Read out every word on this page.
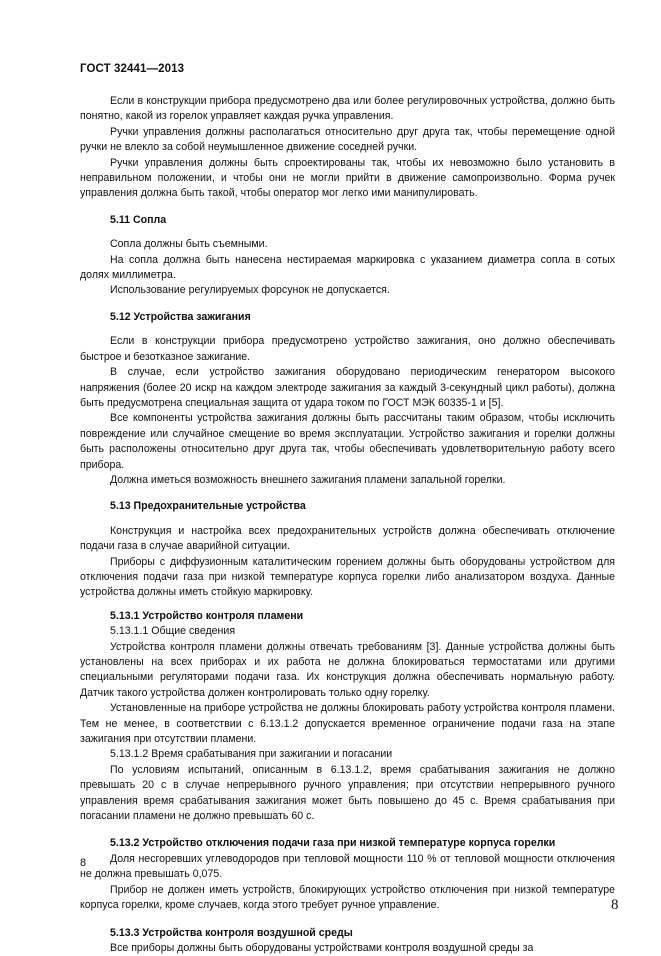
ГОСТ 32441—2013

Если в конструкции прибора предусмотрено два или более регулировочных устройства, должно быть понятно, какой из горелок управляет каждая ручка управления.

Ручки управления должны располагаться относительно друг друга так, чтобы перемещение одной ручки не влекло за собой неумышленное движение соседней ручки.

Ручки управления должны быть спроектированы так, чтобы их невозможно было установить в неправильном положении, и чтобы они не могли прийти в движение самопроизвольно. Форма ручек управления должна быть такой, чтобы оператор мог легко ими манипулировать.

5.11 Сопла

Сопла должны быть съемными.

На сопла должна быть нанесена нестираемая маркировка с указанием диаметра сопла в сотых долях миллиметра.

Использование регулируемых форсунок не допускается.

5.12 Устройства зажигания

Если в конструкции прибора предусмотрено устройство зажигания, оно должно обеспечивать быстрое и безотказное зажигание.

В случае, если устройство зажигания оборудовано периодическим генератором высокого напряжения (более 20 искр на каждом электроде зажигания за каждый 3-секундный цикл работы), должна быть предусмотрена специальная защита от удара током по ГОСТ МЭК 60335-1 и [5].

Все компоненты устройства зажигания должны быть рассчитаны таким образом, чтобы исключить повреждение или случайное смещение во время эксплуатации. Устройство зажигания и горелки должны быть расположены относительно друг друга так, чтобы обеспечивать удовлетворительную работу всего прибора.

Должна иметься возможность внешнего зажигания пламени запальной горелки.

5.13 Предохранительные устройства

Конструкция и настройка всех предохранительных устройств должна обеспечивать отключение подачи газа в случае аварийной ситуации.

Приборы с диффузионным каталитическим горением должны быть оборудованы устройством для отключения подачи газа при низкой температуре корпуса горелки либо анализатором воздуха. Данные устройства должны иметь стойкую маркировку.

5.13.1 Устройство контроля пламени

5.13.1.1 Общие сведения

Устройства контроля пламени должны отвечать требованиям [3]. Данные устройства должны быть установлены на всех приборах и их работа не должна блокироваться термостатами или другими специальными регуляторами подачи газа. Их конструкция должна обеспечивать нормальную работу. Датчик такого устройства должен контролировать только одну горелку.

Установленные на приборе устройства не должны блокировать работу устройства контроля пламени. Тем не менее, в соответствии с 6.13.1.2 допускается временное ограничение подачи газа на этапе зажигания при отсутствии пламени.

5.13.1.2 Время срабатывания при зажигании и погасании

По условиям испытаний, описанным в 6.13.1.2, время срабатывания зажигания не должно превышать 20 с в случае непрерывного ручного управления; при отсутствии непрерывного ручного управления время срабатывания зажигания может быть повышено до 45 с. Время срабатывания при погасании пламени не должно превышать 60 с.

5.13.2 Устройство отключения подачи газа при низкой температуре корпуса горелки

Доля несгоревших углеводородов при тепловой мощности 110 % от тепловой мощности отключения не должна превышать 0,075.

Прибор не должен иметь устройств, блокирующих устройство отключения при низкой температуре корпуса горелки, кроме случаев, когда этого требует ручное управление.

5.13.3 Устройства контроля воздушной среды

Все приборы должны быть оборудованы устройствами контроля воздушной среды за

8
8
